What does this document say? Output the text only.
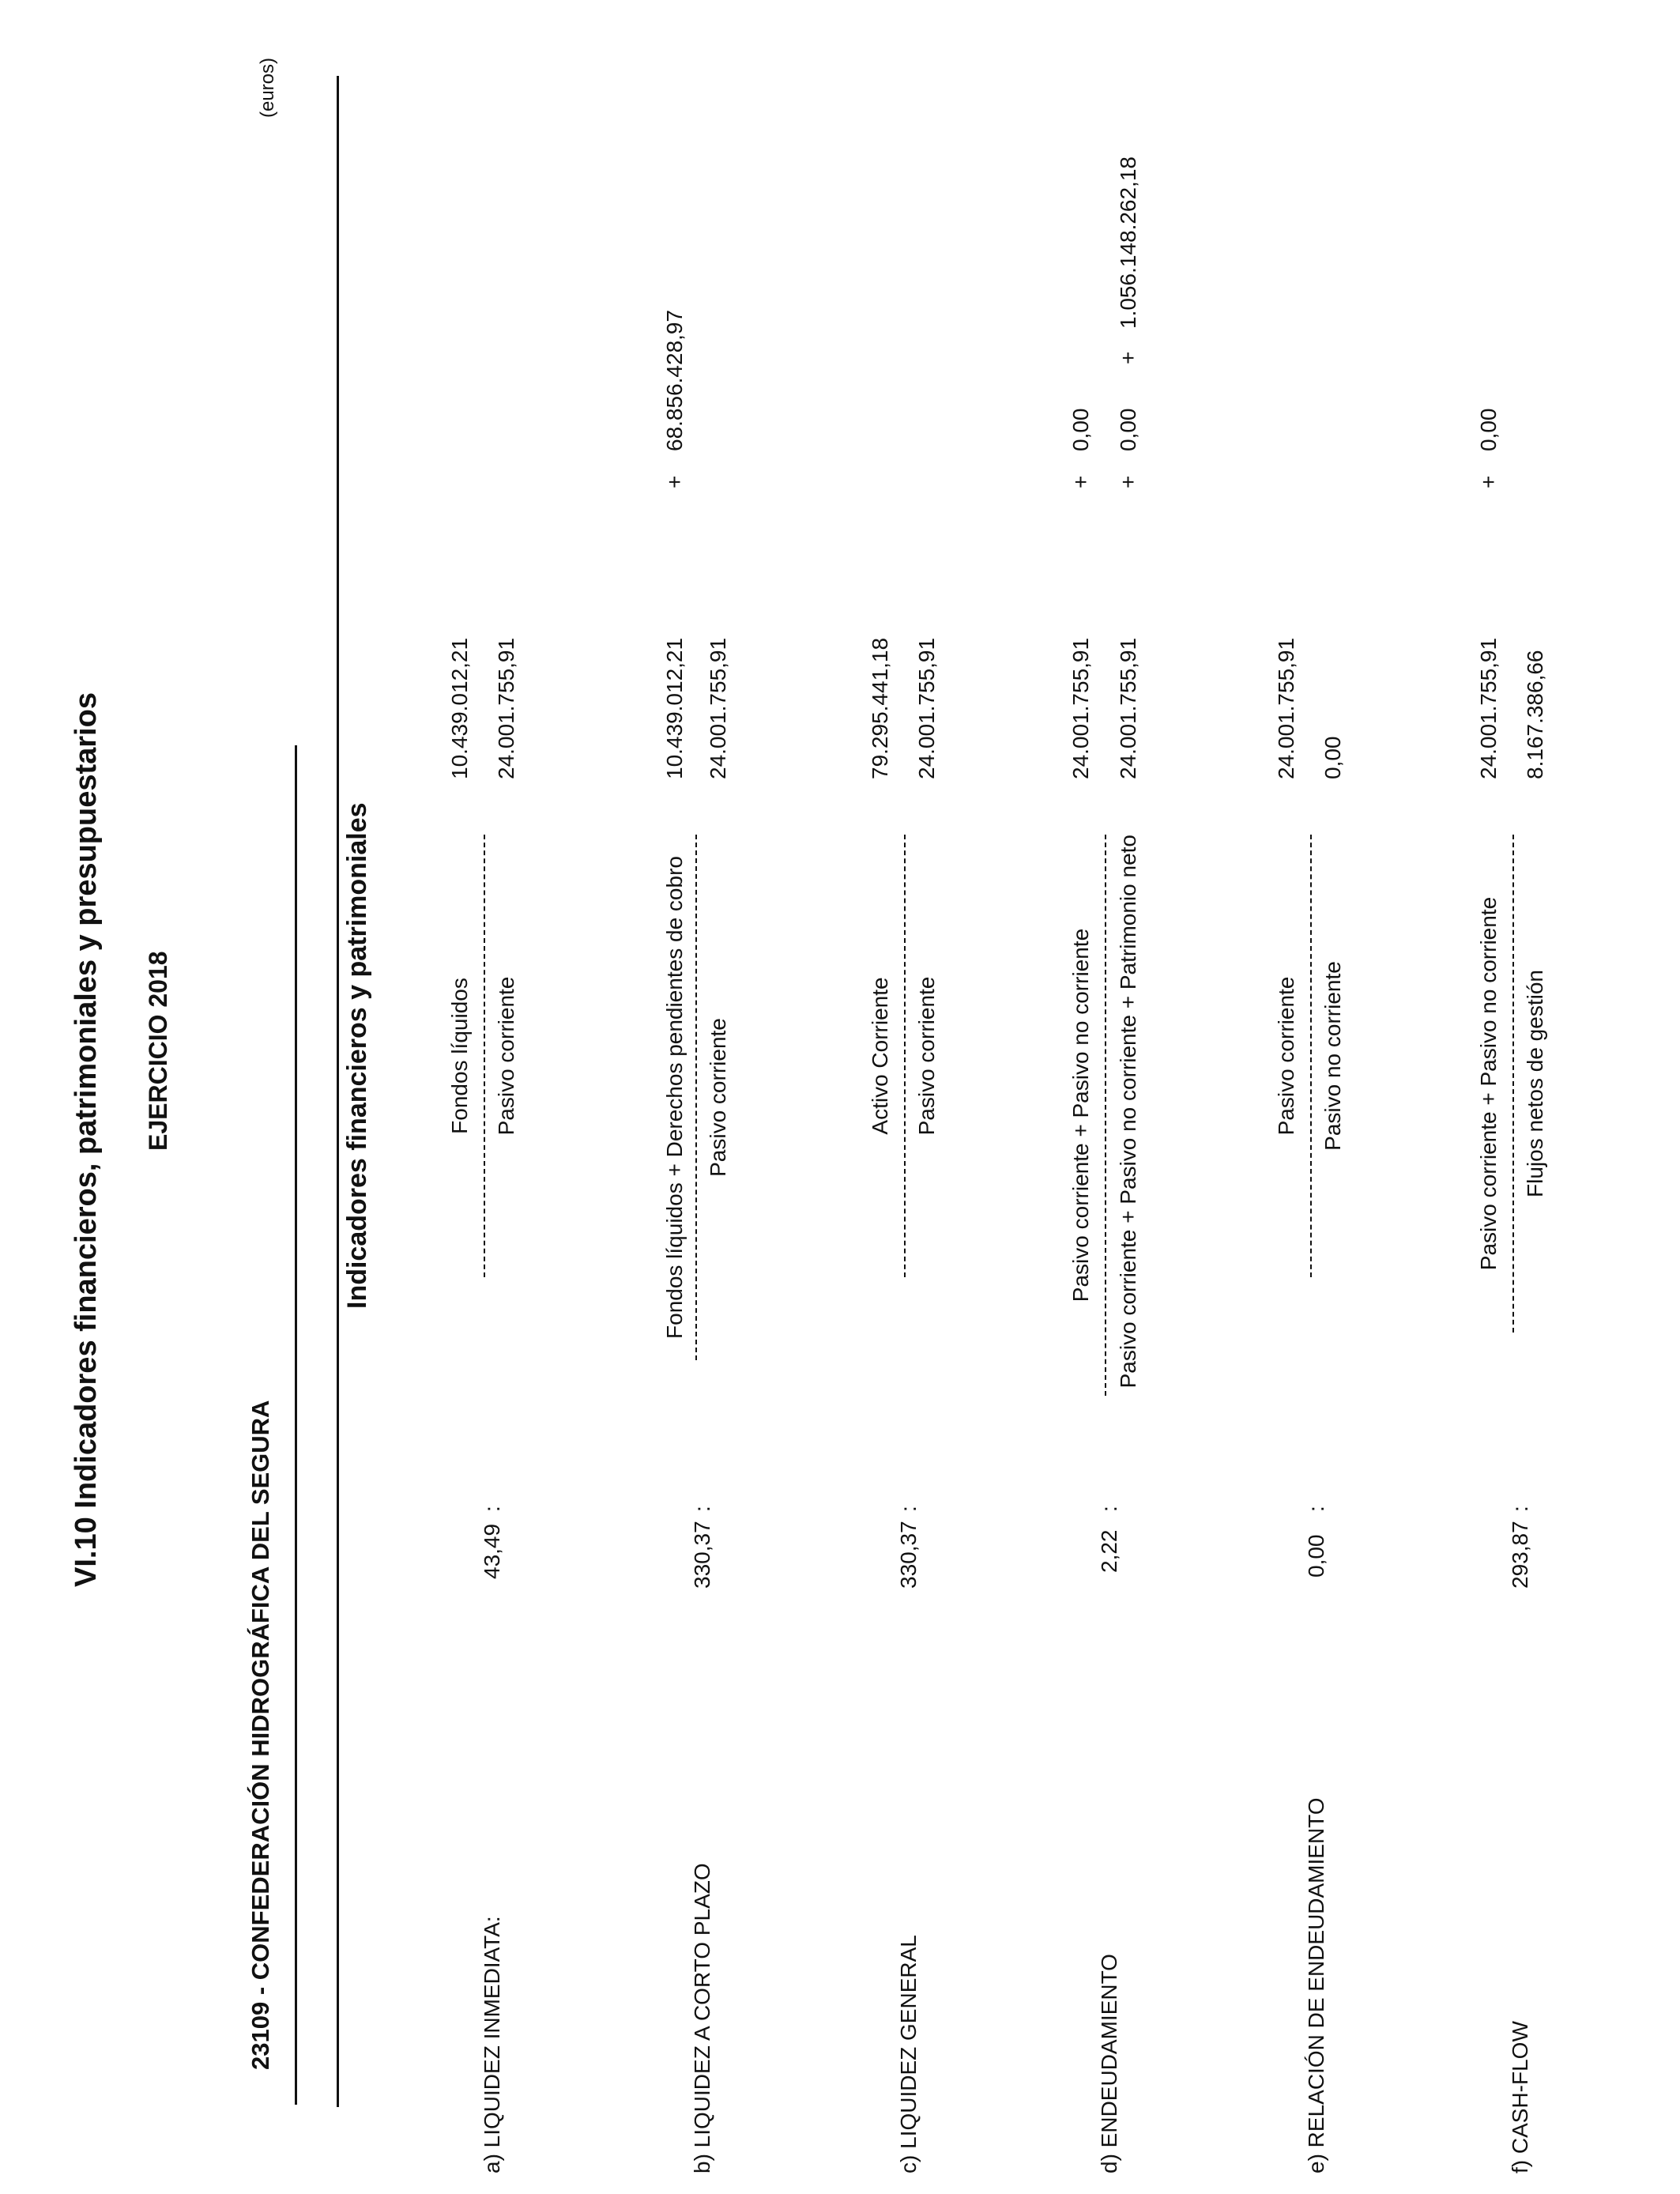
VI.10 Indicadores financieros, patrimoniales y presupuestarios EJERCICIO 2018
23109 - CONFEDERACIÓN HIDROGRÁFICA DEL SEGURA
(euros)
Indicadores financieros y patrimoniales
a) LIQUIDEZ INMEDIATA:
43,49
:
Fondos líquidos Pasivo corriente
10.439.012,21 24.001.755,91
b) LIQUIDEZ A CORTO PLAZO
330,37
:
Fondos líquidos + Derechos pendientes de cobro Pasivo corriente
10.439.012,21
+
68.856.428,97
24.001.755,91
c) LIQUIDEZ GENERAL
330,37
:
Activo Corriente Pasivo corriente
79.295.441,18 24.001.755,91
d) ENDEUDAMIENTO
2,22
:
Pasivo corriente + Pasivo no corriente Pasivo corriente + Pasivo no corriente + Patrimonio neto
24.001.755,91
+
0,00
24.001.755,91
+
0,00
+
1.056.148.262,18
e) RELACIÓN DE ENDEUDAMIENTO
0,00
:
Pasivo corriente Pasivo no corriente
24.001.755,91 0,00
f) CASH-FLOW
293,87
:
Pasivo corriente + Pasivo no corriente Flujos netos de gestión
24.001.755,91
+
0,00
8.167.386,66
